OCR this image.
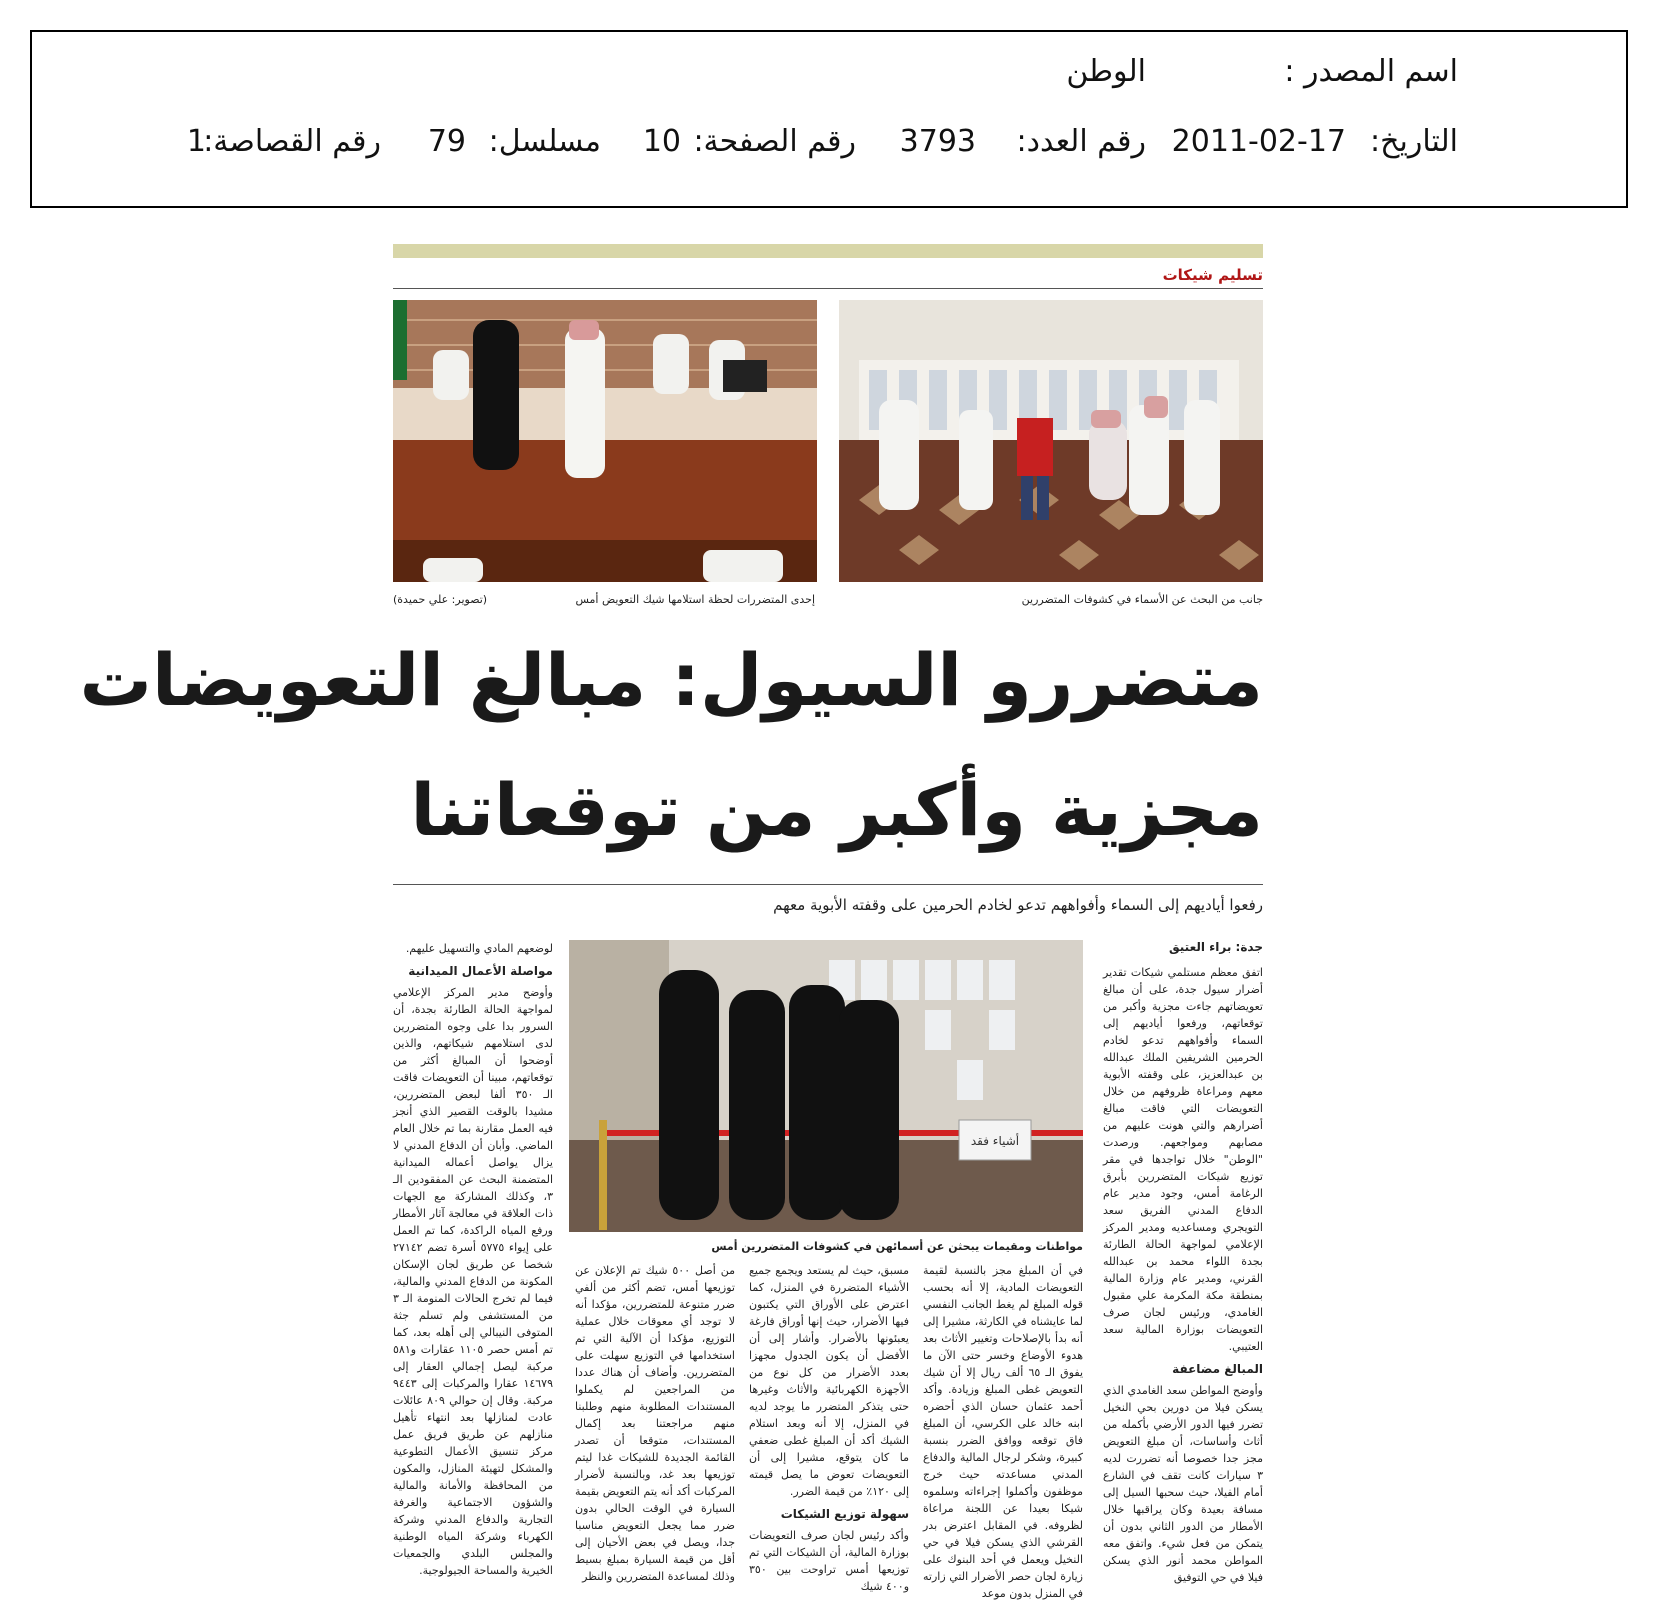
اسم المصدر :
الوطن
التاريخ:
2011-02-17
رقم العدد:
3793
رقم الصفحة:
10
مسلسل:
79
رقم القصاصة:
1
تسليم شيكات
جانب من البحث عن الأسماء في كشوفات المتضررين
إحدى المتضررات لحظة استلامها شيك التعويض أمس
(تصوير: علي حميدة)
متضررو السيول: مبالغ التعويضات
مجزية وأكبر من توقعاتنا
رفعوا أياديهم إلى السماء وأفواههم تدعو لخادم الحرمين على وقفته الأبوية معهم
جدة: براء العتيق

اتفق معظم مستلمي شيكات تقدير أضرار سيول جدة، على أن مبالغ تعويضاتهم جاءت مجزية وأكبر من توقعاتهم، ورفعوا أياديهم إلى السماء وأفواههم تدعو لخادم الحرمين الشريفين الملك عبدالله بن عبدالعزيز، على وقفته الأبوية معهم ومراعاة ظروفهم من خلال التعويضات التي فاقت مبالغ أضرارهم والتي هونت عليهم من مصابهم ومواجعهم. ورصدت "الوطن" خلال تواجدها في مقر توزيع شيكات المتضررين بأبرق الرغامة أمس، وجود مدير عام الدفاع المدني الفريق سعد التويجري ومساعديه ومدير المركز الإعلامي لمواجهة الحالة الطارئة بجدة اللواء محمد بن عبدالله القرني، ومدير عام وزارة المالية بمنطقة مكة المكرمة علي مقبول الغامدي، ورئيس لجان صرف التعويضات بوزارة المالية سعد العتيبي.

المبالغ مضاعفة

وأوضح المواطن سعد الغامدي الذي يسكن فيلا من دورين بحي النخيل تضرر فيها الدور الأرضي بأكمله من أثاث وأساسات، أن مبلغ التعويض مجز جدا خصوصا أنه تضررت لديه ٣ سيارات كانت تقف في الشارع أمام الفيلا، حيث سحبها السيل إلى مسافة بعيدة وكان يراقبها خلال الأمطار من الدور الثاني بدون أن يتمكن من فعل شيء. واتفق معه المواطن محمد أنور الذي يسكن فيلا في حي التوفيق

أشياء فقد
مواطنات ومقيمات يبحثن عن أسمائهن في كشوفات المتضررين أمس

في أن المبلغ مجز بالنسبة لقيمة التعويضات المادية، إلا أنه بحسب قوله المبلغ لم يغط الجانب النفسي لما عايشناه في الكارثة، مشيرا إلى أنه بدأ بالإصلاحات وتغيير الأثاث بعد هدوء الأوضاع وخسر حتى الآن ما يفوق الـ ٦٥ ألف ريال إلا أن شيك التعويض غطى المبلغ وزيادة. وأكد أحمد عثمان حسان الذي أحضره ابنه خالد على الكرسي، أن المبلغ فاق توقعه ووافق الضرر بنسبة كبيرة، وشكر لرجال المالية والدفاع المدني مساعدته حيث خرج موظفون وأكملوا إجراءاته وسلموه شيكا بعيدا عن اللجنة مراعاة لظروفه. في المقابل اعترض بدر القرشي الذي يسكن فيلا في حي النخيل ويعمل في أحد البنوك على زيارة لجان حصر الأضرار التي زارته في المنزل بدون موعد

مسبق، حيث لم يستعد ويجمع جميع الأشياء المتضررة في المنزل، كما اعترض على الأوراق التي يكتبون فيها الأضرار، حيث إنها أوراق فارغة يعبئونها بالأضرار. وأشار إلى أن الأفضل أن يكون الجدول مجهزا بعدد الأضرار من كل نوع من الأجهزة الكهربائية والأثاث وغيرها حتى يتذكر المتضرر ما يوجد لديه في المنزل، إلا أنه وبعد استلام الشيك أكد أن المبلغ غطى ضعفي ما كان يتوقع، مشيرا إلى أن التعويضات تعوض ما يصل قيمته إلى ١٢٠٪ من قيمة الضرر.

سهولة توزيع الشيكات

وأكد رئيس لجان صرف التعويضات بوزارة المالية، أن الشيكات التي تم توزيعها أمس تراوحت بين ٣٥٠ و٤٠٠ شيك

من أصل ٥٠٠ شيك تم الإعلان عن توزيعها أمس، تضم أكثر من ألفي ضرر متنوعة للمتضررين، مؤكدا أنه لا توجد أي معوقات خلال عملية التوزيع، مؤكدا أن الآلية التي تم استخدامها في التوزيع سهلت على المتضررين. وأضاف أن هناك عددا من المراجعين لم يكملوا المستندات المطلوبة منهم وطلبنا منهم مراجعتنا بعد إكمال المستندات، متوقعا أن تصدر القائمة الجديدة للشيكات غدا ليتم توزيعها بعد غد، وبالنسبة لأضرار المركبات أكد أنه يتم التعويض بقيمة السيارة في الوقت الحالي بدون ضرر مما يجعل التعويض مناسبا جدا، ويصل في بعض الأحيان إلى أقل من قيمة السيارة بمبلغ بسيط وذلك لمساعدة المتضررين والنظر

لوضعهم المادي والتسهيل عليهم.

مواصلة الأعمال الميدانية

وأوضح مدير المركز الإعلامي لمواجهة الحالة الطارئة بجدة، أن السرور بدا على وجوه المتضررين لدى استلامهم شيكاتهم، والذين أوضحوا أن المبالغ أكثر من توقعاتهم، مبينا أن التعويضات فاقت الـ ٣٥٠ ألفا لبعض المتضررين، مشيدا بالوقت القصير الذي أنجز فيه العمل مقارنة بما تم خلال العام الماضي. وأبان أن الدفاع المدني لا يزال يواصل أعماله الميدانية المتضمنة البحث عن المفقودين الـ ٣، وكذلك المشاركة مع الجهات ذات العلاقة في معالجة آثار الأمطار ورفع المياه الراكدة، كما تم العمل على إيواء ٥٧٧٥ أسرة تضم ٢٧١٤٢ شخصا عن طريق لجان الإسكان المكونة من الدفاع المدني والمالية، فيما لم تخرج الحالات المنومة الـ ٣ من المستشفى ولم تسلم جثة المتوفى النيبالي إلى أهله بعد، كما تم أمس حصر ١١٠٥ عقارات و٥٨١ مركبة ليصل إجمالي العقار إلى ١٤٦٧٩ عقارا والمركبات إلى ٩٤٤٣ مركبة. وقال إن حوالي ٨٠٩ عائلات عادت لمنازلها بعد انتهاء تأهيل منازلهم عن طريق فريق عمل مركز تنسيق الأعمال التطوعية والمشكل لتهيئة المنازل، والمكون من المحافظة والأمانة والمالية والشؤون الاجتماعية والغرفة التجارية والدفاع المدني وشركة الكهرباء وشركة المياه الوطنية والمجلس البلدي والجمعيات الخيرية والمساحة الجيولوجية.
